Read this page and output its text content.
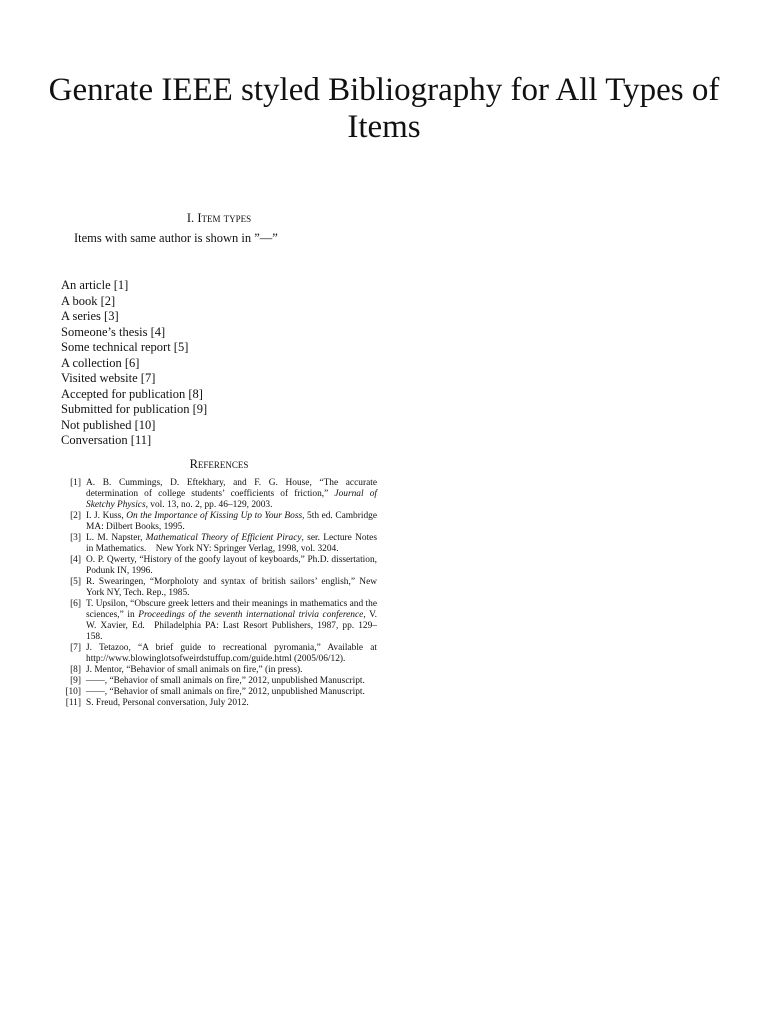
Genrate IEEE styled Bibliography for All Types of Items
I. Item types
Items with same author is shown in ”—”
An article [1]
A book [2]
A series [3]
Someone’s thesis [4]
Some technical report [5]
A collection [6]
Visited website [7]
Accepted for publication [8]
Submitted for publication [9]
Not published [10]
Conversation [11]
References
[1] A. B. Cummings, D. Eftekhary, and F. G. House, “The accurate determination of college students’ coefficients of friction,” Journal of Sketchy Physics, vol. 13, no. 2, pp. 46–129, 2003.
[2] I. J. Kuss, On the Importance of Kissing Up to Your Boss, 5th ed. Cambridge MA: Dilbert Books, 1995.
[3] L. M. Napster, Mathematical Theory of Efficient Piracy, ser. Lecture Notes in Mathematics. New York NY: Springer Verlag, 1998, vol. 3204.
[4] O. P. Qwerty, “History of the goofy layout of keyboards,” Ph.D. dissertation, Podunk IN, 1996.
[5] R. Swearingen, “Morpholoty and syntax of british sailors’ english,” New York NY, Tech. Rep., 1985.
[6] T. Upsilon, “Obscure greek letters and their meanings in mathematics and the sciences,” in Proceedings of the seventh international trivia conference, V. W. Xavier, Ed. Philadelphia PA: Last Resort Publishers, 1987, pp. 129–158.
[7] J. Tetazoo, “A brief guide to recreational pyromania,” Available at http://www.blowinglotsofweirdstuffup.com/guide.html (2005/06/12).
[8] J. Mentor, “Behavior of small animals on fire,” (in press).
[9] ——, “Behavior of small animals on fire,” 2012, unpublished Manuscript.
[10] ——, “Behavior of small animals on fire,” 2012, unpublished Manuscript.
[11] S. Freud, Personal conversation, July 2012.
